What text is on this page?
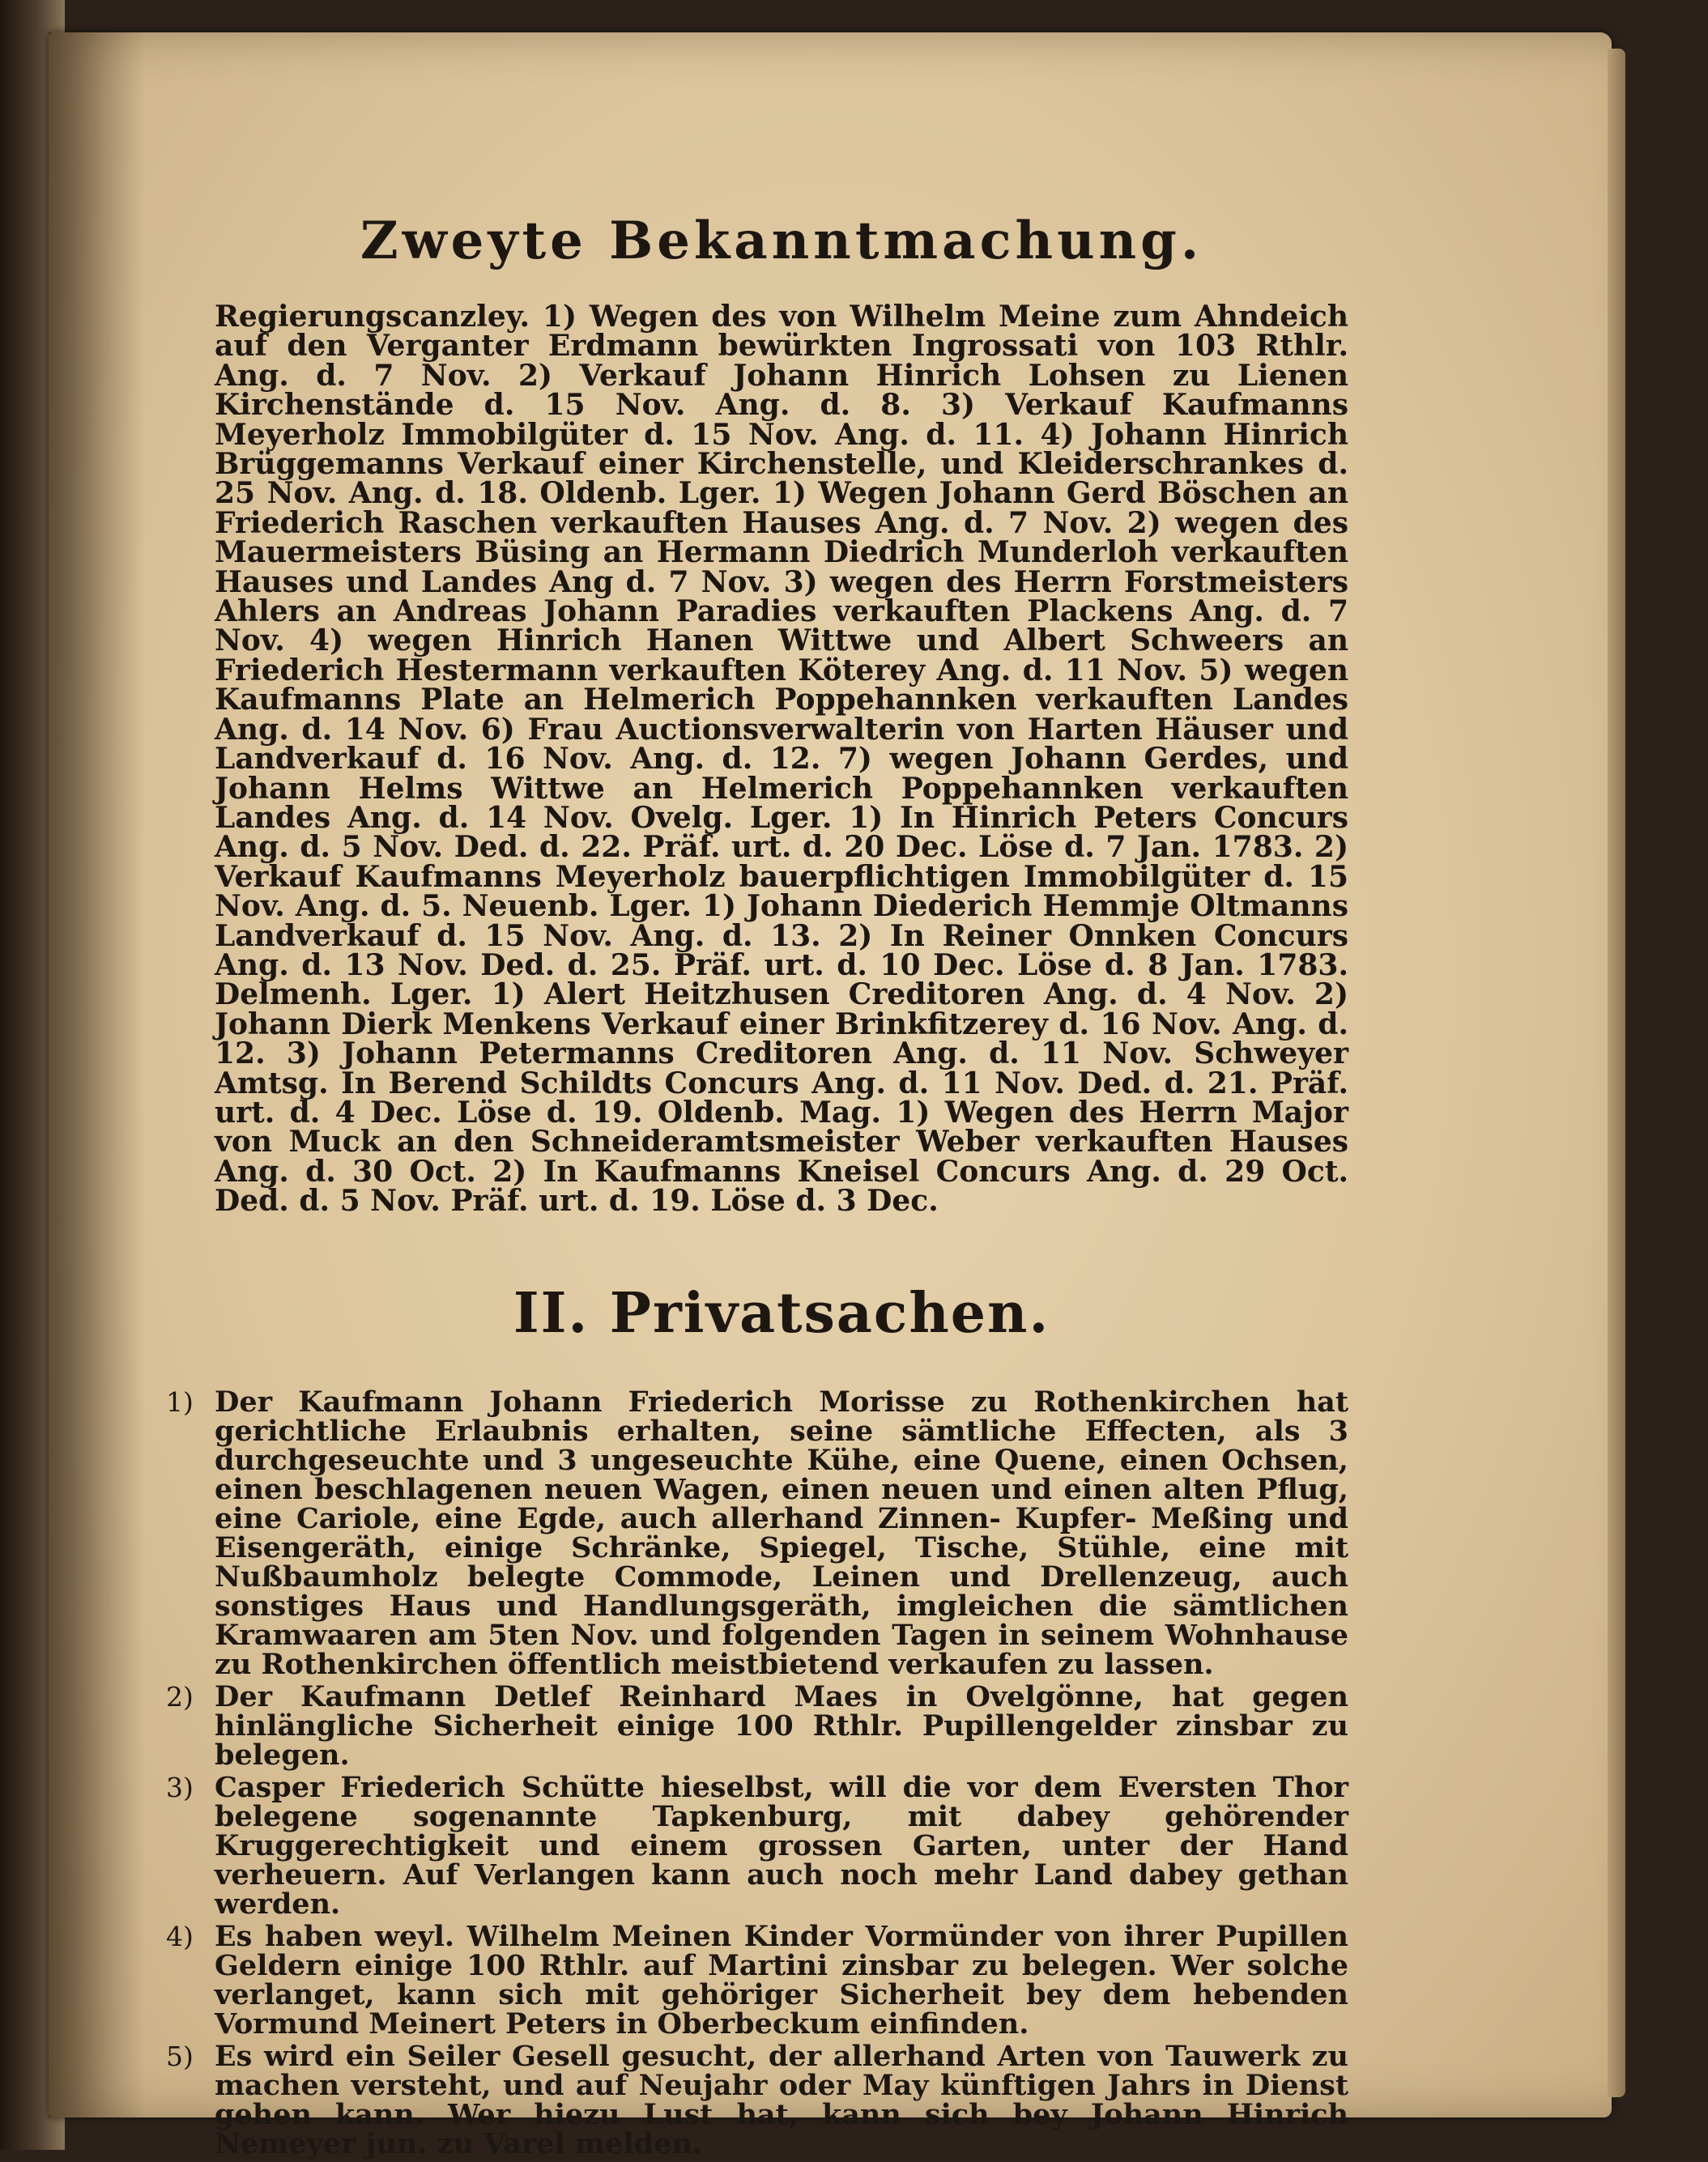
Zweyte Bekanntmachung.

Regierungscanzley. 1) Wegen des von Wilhelm Meine zum Ahndeich auf den Verganter Erdmann bewürkten Ingrossati von 103 Rthlr. Ang. d. 7 Nov. 2) Verkauf Johann Hinrich Lohsen zu Lienen Kirchenstände d. 15 Nov. Ang. d. 8. 3) Verkauf Kaufmanns Meyerholz Immobilgüter d. 15 Nov. Ang. d. 11. 4) Johann Hinrich Brüggemanns Verkauf einer Kirchenstelle, und Kleiderschrankes d. 25 Nov. Ang. d. 18. Oldenb. Lger. 1) Wegen Johann Gerd Böschen an Friederich Raschen verkauften Hauses Ang. d. 7 Nov. 2) wegen des Mauermeisters Büsing an Hermann Diedrich Munderloh verkauften Hauses und Landes Ang d. 7 Nov. 3) wegen des Herrn Forstmeisters Ahlers an Andreas Johann Paradies verkauften Plackens Ang. d. 7 Nov. 4) wegen Hinrich Hanen Wittwe und Albert Schweers an Friederich Hestermann verkauften Köterey Ang. d. 11 Nov. 5) wegen Kaufmanns Plate an Helmerich Poppehannken verkauften Landes Ang. d. 14 Nov. 6) Frau Auctionsverwalterin von Harten Häuser und Landverkauf d. 16 Nov. Ang. d. 12. 7) wegen Johann Gerdes, und Johann Helms Wittwe an Helmerich Poppehannken verkauften Landes Ang. d. 14 Nov. Ovelg. Lger. 1) In Hinrich Peters Concurs Ang. d. 5 Nov. Ded. d. 22. Präf. urt. d. 20 Dec. Löse d. 7 Jan. 1783. 2) Verkauf Kaufmanns Meyerholz bauerpflichtigen Immobilgüter d. 15 Nov. Ang. d. 5. Neuenb. Lger. 1) Johann Diederich Hemmje Oltmanns Landverkauf d. 15 Nov. Ang. d. 13. 2) In Reiner Onnken Concurs Ang. d. 13 Nov. Ded. d. 25. Präf. urt. d. 10 Dec. Löse d. 8 Jan. 1783. Delmenh. Lger. 1) Alert Heitzhusen Creditoren Ang. d. 4 Nov. 2) Johann Dierk Menkens Verkauf einer Brinkfitzerey d. 16 Nov. Ang. d. 12. 3) Johann Petermanns Creditoren Ang. d. 11 Nov. Schweyer Amtsg. In Berend Schildts Concurs Ang. d. 11 Nov. Ded. d. 21. Präf. urt. d. 4 Dec. Löse d. 19. Oldenb. Mag. 1) Wegen des Herrn Major von Muck an den Schneideramtsmeister Weber verkauften Hauses Ang. d. 30 Oct. 2) In Kaufmanns Kneisel Concurs Ang. d. 29 Oct. Ded. d. 5 Nov. Präf. urt. d. 19. Löse d. 3 Dec.

II. Privatsachen.
1) Der Kaufmann Johann Friederich Morisse zu Rothenkirchen hat gerichtliche Erlaubnis erhalten, seine sämtliche Effecten, als 3 durchgeseuchte und 3 ungeseuchte Kühe, eine Quene, einen Ochsen, einen beschlagenen neuen Wagen, einen neuen und einen alten Pflug, eine Cariole, eine Egde, auch allerhand Zinnen- Kupfer- Meßing und Eisengeräth, einige Schränke, Spiegel, Tische, Stühle, eine mit Nußbaumholz belegte Commode, Leinen und Drellenzeug, auch sonstiges Haus und Handlungsgeräth, imgleichen die sämtlichen Kramwaaren am 5ten Nov. und folgenden Tagen in seinem Wohnhause zu Rothenkirchen öffentlich meistbietend verkaufen zu lassen.
2) Der Kaufmann Detlef Reinhard Maes in Ovelgönne, hat gegen hinlängliche Sicherheit einige 100 Rthlr. Pupillengelder zinsbar zu belegen.
3) Casper Friederich Schütte hieselbst, will die vor dem Eversten Thor belegene sogenannte Tapkenburg, mit dabey gehörender Kruggerechtigkeit und einem grossen Garten, unter der Hand verheuern. Auf Verlangen kann auch noch mehr Land dabey gethan werden.
4) Es haben weyl. Wilhelm Meinen Kinder Vormünder von ihrer Pupillen Geldern einige 100 Rthlr. auf Martini zinsbar zu belegen. Wer solche verlanget, kann sich mit gehöriger Sicherheit bey dem hebenden Vormund Meinert Peters in Oberbeckum einfinden.
5) Es wird ein Seiler Gesell gesucht, der allerhand Arten von Tauwerk zu machen versteht, und auf Neujahr oder May künftigen Jahrs in Dienst gehen kann. Wer hiezu Lust hat, kann sich bey Johann Hinrich Nemeyer jun. zu Varel melden.
